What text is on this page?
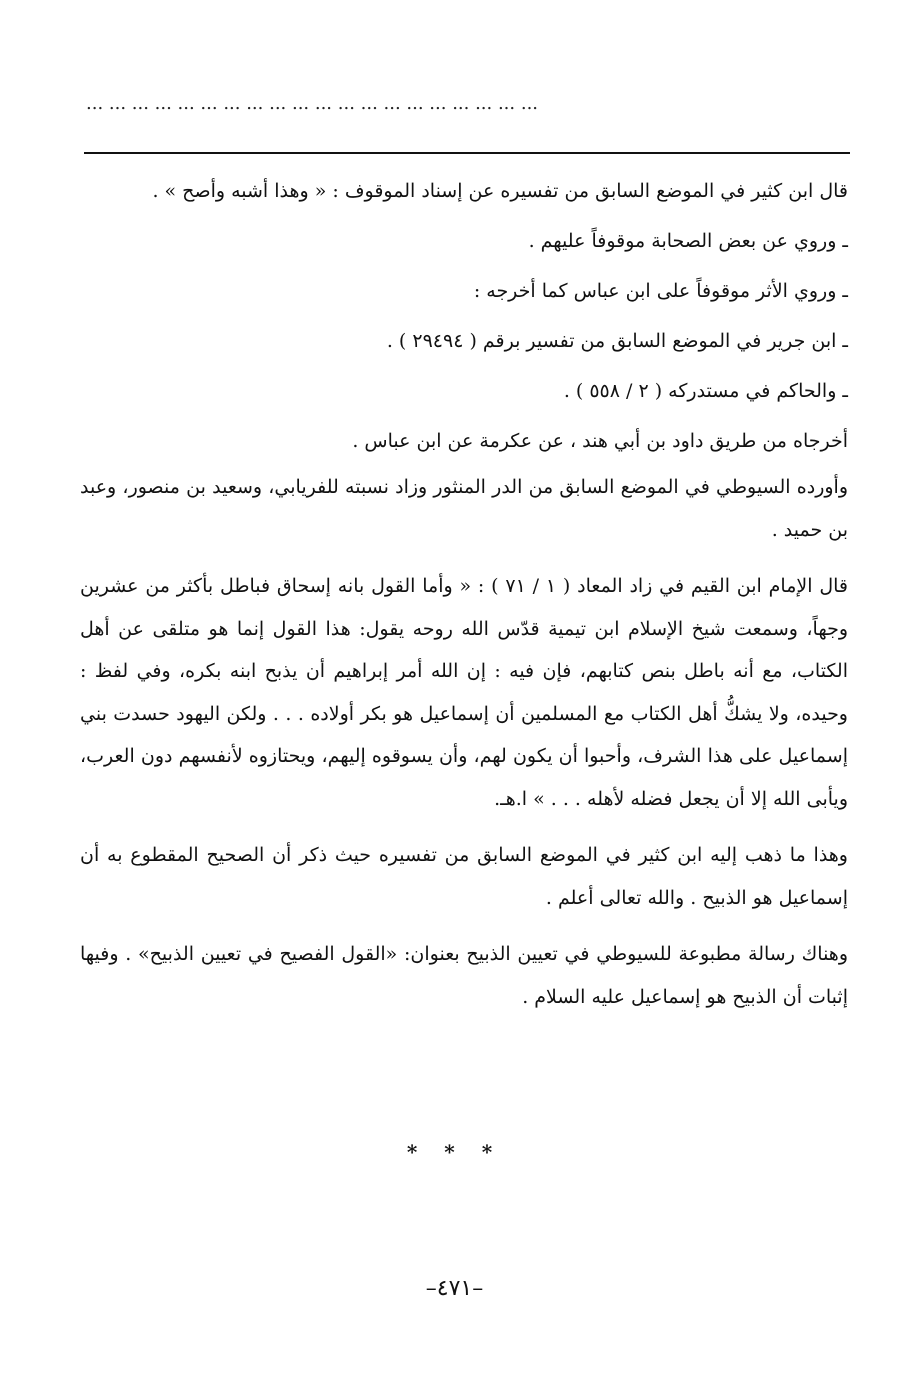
... ... ... ... ... ... ... ... ... ... ... ... ... ... ... ... ... ... ... ...
قال ابن كثير في الموضع السابق من تفسيره عن إسناد الموقوف : « وهذا أشبه وأصح » .
ـ وروي عن بعض الصحابة موقوفاً عليهم .
ـ وروي الأثر موقوفاً على ابن عباس كما أخرجه :
ـ ابن جرير في الموضع السابق من تفسير برقم ( ٢٩٤٩٤ ) .
ـ والحاكم في مستدركه ( ٢ / ٥٥٨ ) .
أخرجاه من طريق داود بن أبي هند ، عن عكرمة عن ابن عباس .

وأورده السيوطي في الموضع السابق من الدر المنثور وزاد نسبته للفريابي، وسعيد بن منصور، وعبد بن حميد .

قال الإمام ابن القيم في زاد المعاد ( ١ / ٧١ ) : « وأما القول بانه إسحاق فباطل بأكثر من عشرين وجهاً، وسمعت شيخ الإسلام ابن تيمية قدّس الله روحه يقول: هذا القول إنما هو متلقى عن أهل الكتاب، مع أنه باطل بنص كتابهم، فإن فيه : إن الله أمر إبراهيم أن يذبح ابنه بكره، وفي لفظ : وحيده، ولا يشكُّ أهل الكتاب مع المسلمين أن إسماعيل هو بكر أولاده . . . ولكن اليهود حسدت بني إسماعيل على هذا الشرف، وأحبوا أن يكون لهم، وأن يسوقوه إليهم، ويحتازوه لأنفسهم دون العرب، ويأبى الله إلا أن يجعل فضله لأهله . . . » ا.هـ.

وهذا ما ذهب إليه ابن كثير في الموضع السابق من تفسيره حيث ذكر أن الصحيح المقطوع به أن إسماعيل هو الذبيح . والله تعالى أعلم .

وهناك رسالة مطبوعة للسيوطي في تعيين الذبيح بعنوان: «القول الفصيح في تعيين الذبيح» . وفيها إثبات أن الذبيح هو إسماعيل عليه السلام .

* * *
–٤٧١–
